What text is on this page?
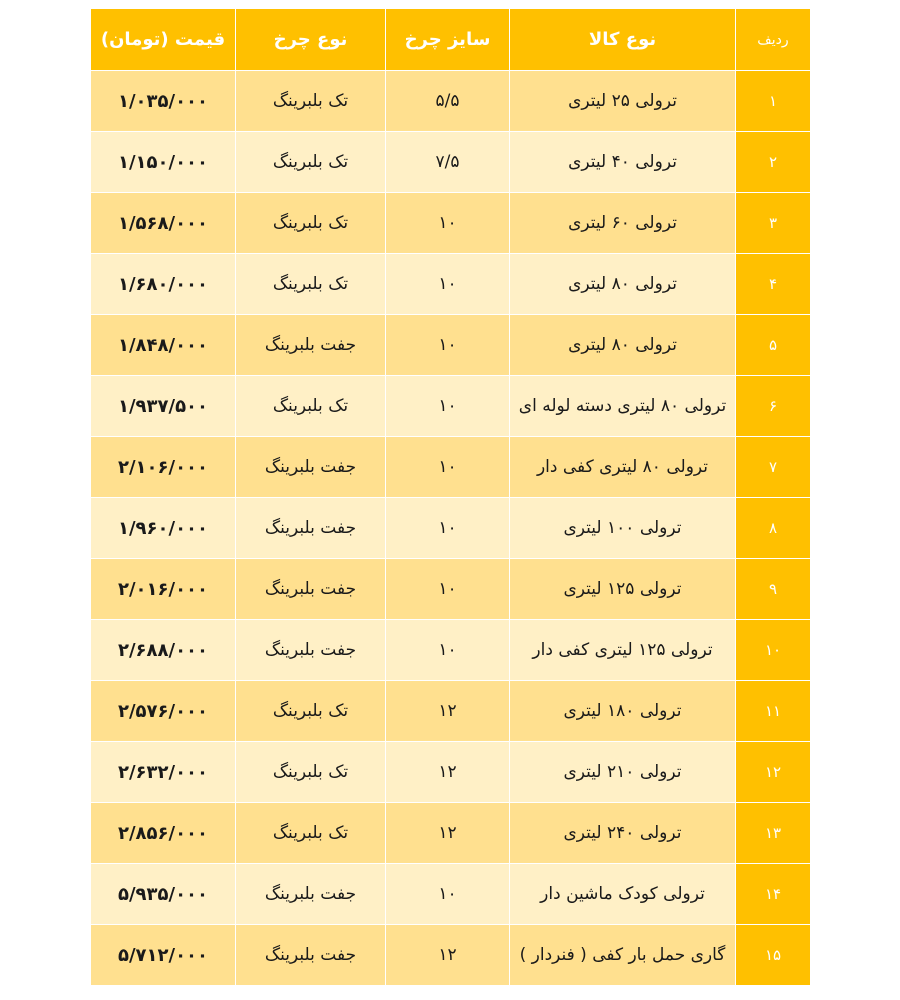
ردیف	نوع کالا	سایز چرخ	نوع چرخ	قیمت (تومان)
۱	ترولی ۲۵ لیتری	۵/۵	تک بلبرینگ	۱/۰۳۵/۰۰۰
۲	ترولی ۴۰ لیتری	۷/۵	تک بلبرینگ	۱/۱۵۰/۰۰۰
۳	ترولی ۶۰ لیتری	۱۰	تک بلبرینگ	۱/۵۶۸/۰۰۰
۴	ترولی ۸۰ لیتری	۱۰	تک بلبرینگ	۱/۶۸۰/۰۰۰
۵	ترولی ۸۰ لیتری	۱۰	جفت بلبرینگ	۱/۸۴۸/۰۰۰
۶	ترولی ۸۰ لیتری دسته لوله ای	۱۰	تک بلبرینگ	۱/۹۳۷/۵۰۰
۷	ترولی ۸۰ لیتری کفی دار	۱۰	جفت بلبرینگ	۲/۱۰۶/۰۰۰
۸	ترولی ۱۰۰ لیتری	۱۰	جفت بلبرینگ	۱/۹۶۰/۰۰۰
۹	ترولی ۱۲۵ لیتری	۱۰	جفت بلبرینگ	۲/۰۱۶/۰۰۰
۱۰	ترولی ۱۲۵ لیتری کفی دار	۱۰	جفت بلبرینگ	۲/۶۸۸/۰۰۰
۱۱	ترولی ۱۸۰ لیتری	۱۲	تک بلبرینگ	۲/۵۷۶/۰۰۰
۱۲	ترولی ۲۱۰ لیتری	۱۲	تک بلبرینگ	۲/۶۳۲/۰۰۰
۱۳	ترولی ۲۴۰ لیتری	۱۲	تک بلبرینگ	۲/۸۵۶/۰۰۰
۱۴	ترولی کودک ماشین دار	۱۰	جفت بلبرینگ	۵/۹۳۵/۰۰۰
۱۵	گاری حمل بار کفی ( فنردار )	۱۲	جفت بلبرینگ	۵/۷۱۲/۰۰۰
